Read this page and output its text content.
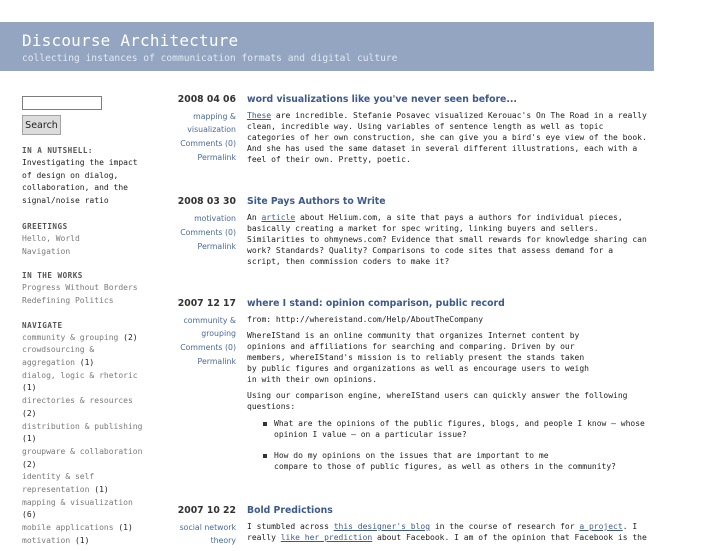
Discourse Architecture
collecting instances of communication formats and digital culture
Search
IN A NUTSHELL:
Investigating the impact
of design on dialog,
collaboration, and the
signal/noise ratio
GREETINGS
Hello, World
Navigation
IN THE WORKS
Progress Without Borders
Redefining Politics
NAVIGATE
community & grouping (2)
crowdsourcing &
aggregation (1)
dialog, logic & rhetoric
(1)
directories & resources
(2)
distribution & publishing
(1)
groupware & collaboration
(2)
identity & self
representation (1)
mapping & visualization
(6)
mobile applications (1)
motivation (1)
2008 04 06 word visualizations like you've never seen before...
mapping &
visualization
Comments (0)
Permalink

These are incredible. Stefanie Posavec visualized Kerouac's On The Road in a really clean, incredible way. Using variables of sentence length as well as topic categories of her own construction, she can give you a bird's eye view of the book. And she has used the same dataset in several different illustrations, each with a feel of their own. Pretty, poetic.

2008 03 30 Site Pays Authors to Write
motivation
Comments (0)
Permalink

An article about Helium.com, a site that pays a authors for individual pieces, basically creating a market for spec writing, linking buyers and sellers. Similarities to ohmynews.com? Evidence that small rewards for knowledge sharing can work? Standards? Quality? Comparisons to code sites that assess demand for a script, then commission coders to make it?

2007 12 17 where I stand: opinion comparison, public record
community &
grouping
Comments (0)
Permalink

from: http://whereistand.com/Help/AboutTheCompany

WhereIStand is an online community that organizes Internet content by
opinions and affiliations for searching and comparing. Driven by our
members, whereIStand's mission is to reliably present the stands taken
by public figures and organizations as well as encourage users to weigh
in with their own opinions.

Using our comparison engine, whereIStand users can quickly answer the following
questions:

What are the opinions of the public figures, blogs, and people I know – whose
opinion I value – on a particular issue?
How do my opinions on the issues that are important to me
compare to those of public figures, as well as others in the community?
2007 10 22 Bold Predictions
social network
theory

I stumbled across this designer's blog in the course of research for a project. I
really like her prediction about Facebook. I am of the opinion that Facebook is the
